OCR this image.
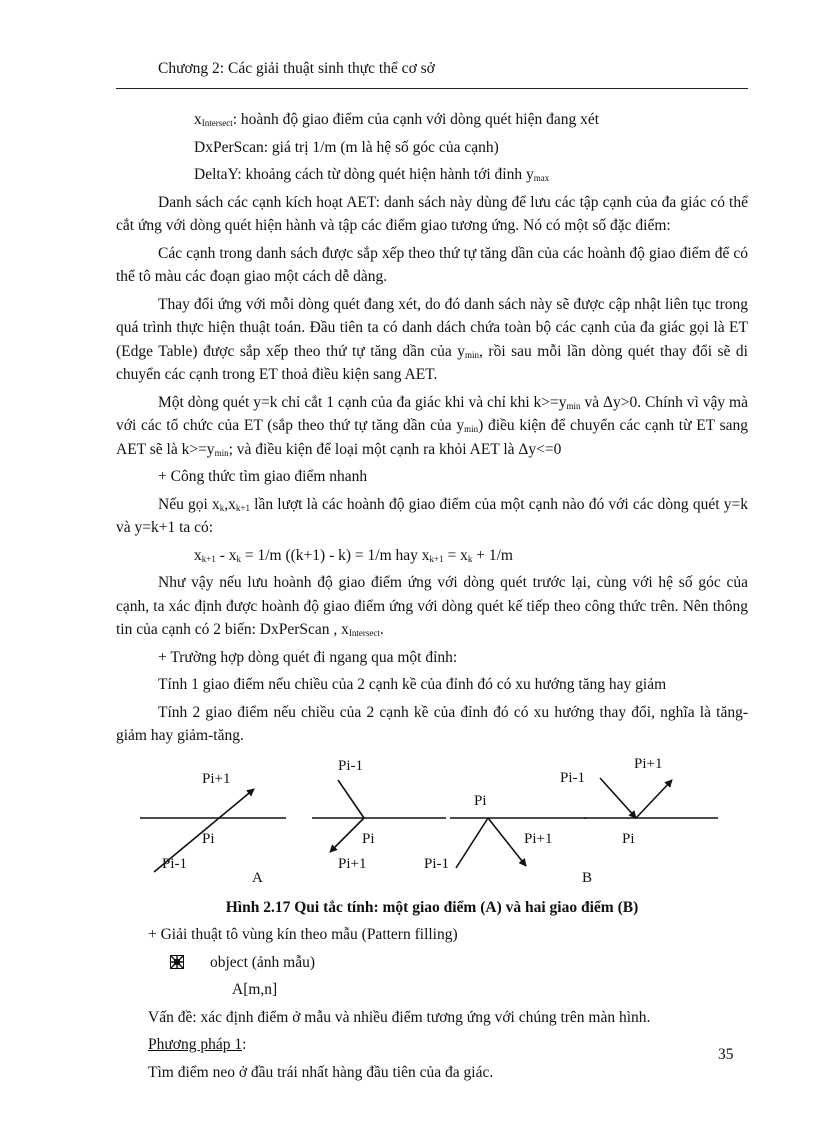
Chương 2: Các giải thuật sinh thực thể cơ sở
$x_{Intersect}$: hoành độ giao điểm của cạnh với dòng quét hiện đang xét
DxPerScan: giá trị 1/m (m là hệ số góc của cạnh)
DeltaY: khoảng cách từ dòng quét hiện hành tới đỉnh $y_{max}$

Danh sách các cạnh kích hoạt AET: danh sách này dùng để lưu các tập cạnh của đa giác có thể cắt ứng với dòng quét hiện hành và tập các điểm giao tương ứng. Nó có một số đặc điểm:

Các cạnh trong danh sách được sắp xếp theo thứ tự tăng dần của các hoành độ giao điểm để có thể tô màu các đoạn giao một cách dễ dàng.

Thay đổi ứng với mỗi dòng quét đang xét, do đó danh sách này sẽ được cập nhật liên tục trong quá trình thực hiện thuật toán. Đầu tiên ta có danh dách chứa toàn bộ các cạnh của đa giác gọi là ET (Edge Table) được sắp xếp theo thứ tự tăng dần của $y_{min}$, rồi sau mỗi lần dòng quét thay đổi sẽ di chuyển các cạnh trong ET thoả điều kiện sang AET.

Một dòng quét y=k chỉ cắt 1 cạnh của đa giác khi và chỉ khi $k>=y_{min}$ và Δy>0. Chính vì vậy mà với các tổ chức của ET (sắp theo thứ tự tăng dần của $y_{min}$) điều kiện để chuyển các cạnh từ ET sang AET sẽ là $k>=y_{min}$; và điều kiện để loại một cạnh ra khỏi AET là Δy<=0

+ Công thức tìm giao điểm nhanh

Nếu gọi $x_k,x_{k+1}$ lần lượt là các hoành độ giao điểm của một cạnh nào đó với các dòng quét y=k và y=k+1 ta có:

$x_{k+1} - x_k = 1/m$ ((k+1) - k) = 1/m hay $x_{k+1} = x_k + 1/m$

Như vậy nếu lưu hoành độ giao điểm ứng với dòng quét trước lại, cùng với hệ số góc của cạnh, ta xác định được hoành độ giao điểm ứng với dòng quét kế tiếp theo công thức trên. Nên thông tin của cạnh có 2 biến: DxPerScan , $x_{Intersect}$.

+ Trường hợp dòng quét đi ngang qua một đỉnh:

Tính 1 giao điểm nếu chiều của 2 cạnh kề của đỉnh đó có xu hướng tăng hay giảm

Tính 2 giao điểm nếu chiều của 2 cạnh kề của đỉnh đó có xu hướng thay đổi, nghĩa là tăng-giảm hay giảm-tăng.

Pi+1
Pi
Pi-1
A
Pi-1
Pi
Pi+1
Pi
Pi+1
Pi-1
Pi-1
Pi+1
Pi
B

Hình 2.17 Qui tắc tính: một giao điểm (A) và hai giao điểm (B)

+ Giải thuật tô vùng kín theo mẫu (Pattern filling)

object (ảnh mẫu)

A[m,n]

Vấn đề: xác định điểm ở mẫu và nhiều điểm tương ứng với chúng trên màn hình.

Phương pháp 1:

Tìm điểm neo ở đầu trái nhất hàng đầu tiên của đa giác.

35
